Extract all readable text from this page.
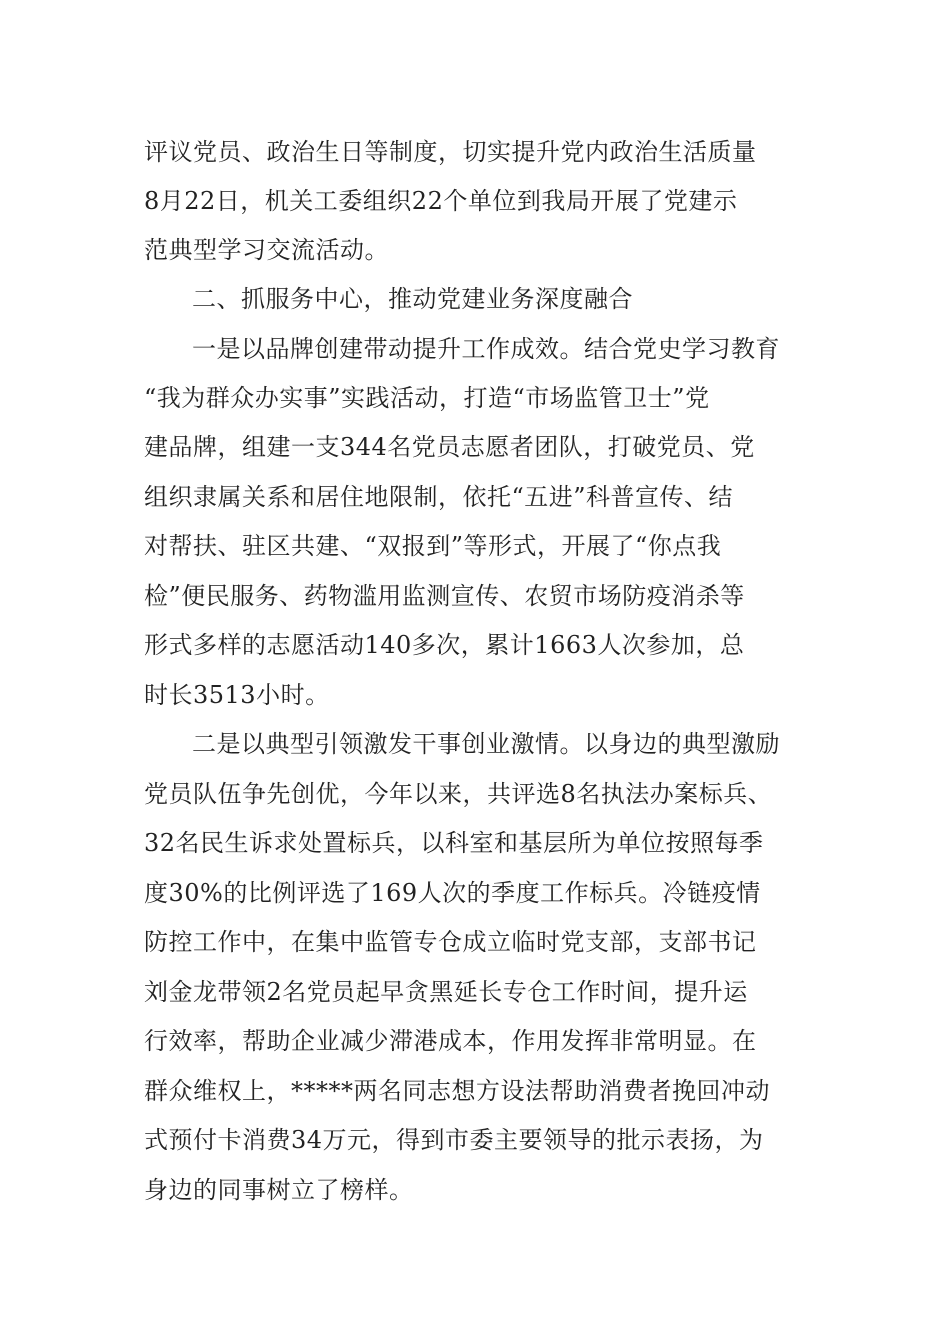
评议党员、政治生日等制度，切实提升党内政治生活质量
8月22日，机关工委组织22个单位到我局开展了党建示
范典型学习交流活动。
二、抓服务中心，推动党建业务深度融合
一是以品牌创建带动提升工作成效。结合党史学习教育
“我为群众办实事”实践活动，打造“市场监管卫士”党
建品牌，组建一支344名党员志愿者团队，打破党员、党
组织隶属关系和居住地限制，依托“五进”科普宣传、结
对帮扶、驻区共建、“双报到”等形式，开展了“你点我
检”便民服务、药物滥用监测宣传、农贸市场防疫消杀等
形式多样的志愿活动140多次，累计1663人次参加，总
时长3513小时。
二是以典型引领激发干事创业激情。以身边的典型激励
党员队伍争先创优，今年以来，共评选8名执法办案标兵、
32名民生诉求处置标兵，以科室和基层所为单位按照每季
度30%的比例评选了169人次的季度工作标兵。冷链疫情
防控工作中，在集中监管专仓成立临时党支部，支部书记
刘金龙带领2名党员起早贪黑延长专仓工作时间，提升运
行效率，帮助企业减少滞港成本，作用发挥非常明显。在
群众维权上，*****两名同志想方设法帮助消费者挽回冲动
式预付卡消费34万元，得到市委主要领导的批示表扬，为
身边的同事树立了榜样。
